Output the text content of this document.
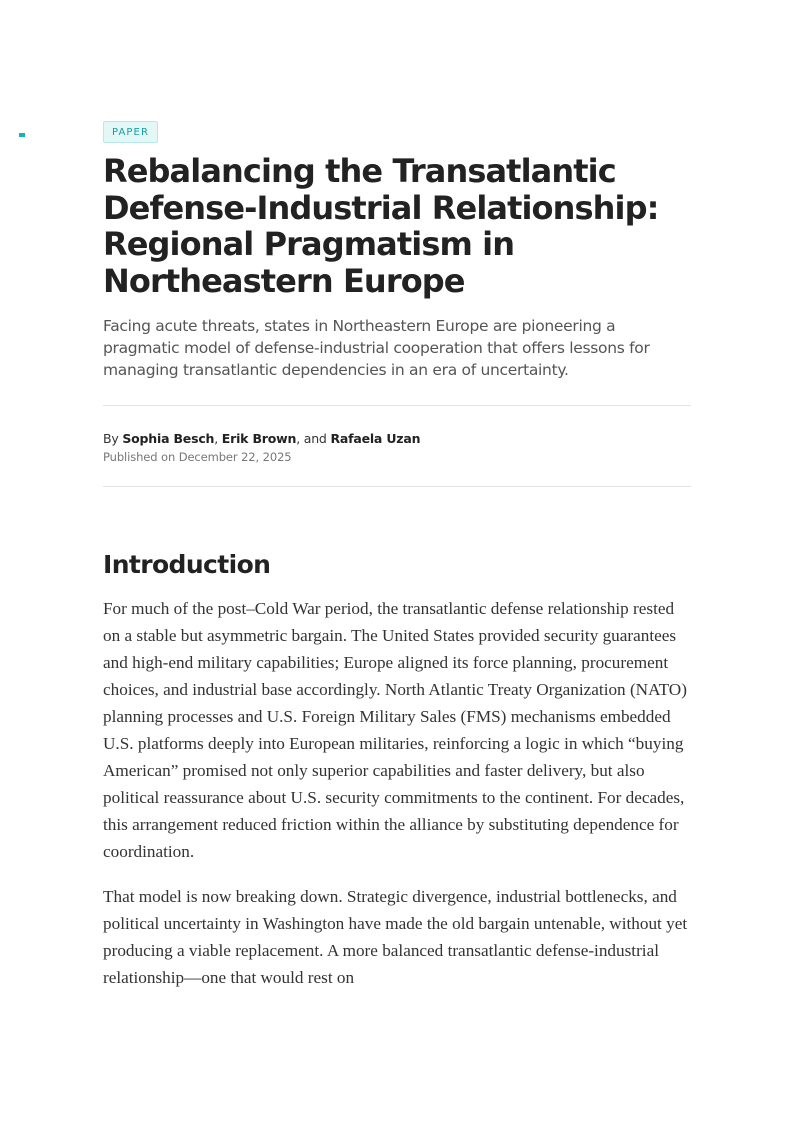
PAPER
Rebalancing the Transatlantic Defense-Industrial Relationship: Regional Pragmatism in Northeastern Europe

Facing acute threats, states in Northeastern Europe are pioneering a pragmatic model of defense-industrial cooperation that offers lessons for managing transatlantic dependencies in an era of uncertainty.

By Sophia Besch, Erik Brown, and Rafaela Uzan
Published on December 22, 2025
Introduction

For much of the post–Cold War period, the transatlantic defense relationship rested on a stable but asymmetric bargain. The United States provided security guarantees and high-end military capabilities; Europe aligned its force planning, procurement choices, and industrial base accordingly. North Atlantic Treaty Organization (NATO) planning processes and U.S. Foreign Military Sales (FMS) mechanisms embedded U.S. platforms deeply into European militaries, reinforcing a logic in which “buying American” promised not only superior capabilities and faster delivery, but also political reassurance about U.S. security commitments to the continent. For decades, this arrangement reduced friction within the alliance by substituting dependence for coordination.

That model is now breaking down. Strategic divergence, industrial bottlenecks, and political uncertainty in Washington have made the old bargain untenable, without yet producing a viable replacement. A more balanced transatlantic defense-industrial relationship—one that would rest on
